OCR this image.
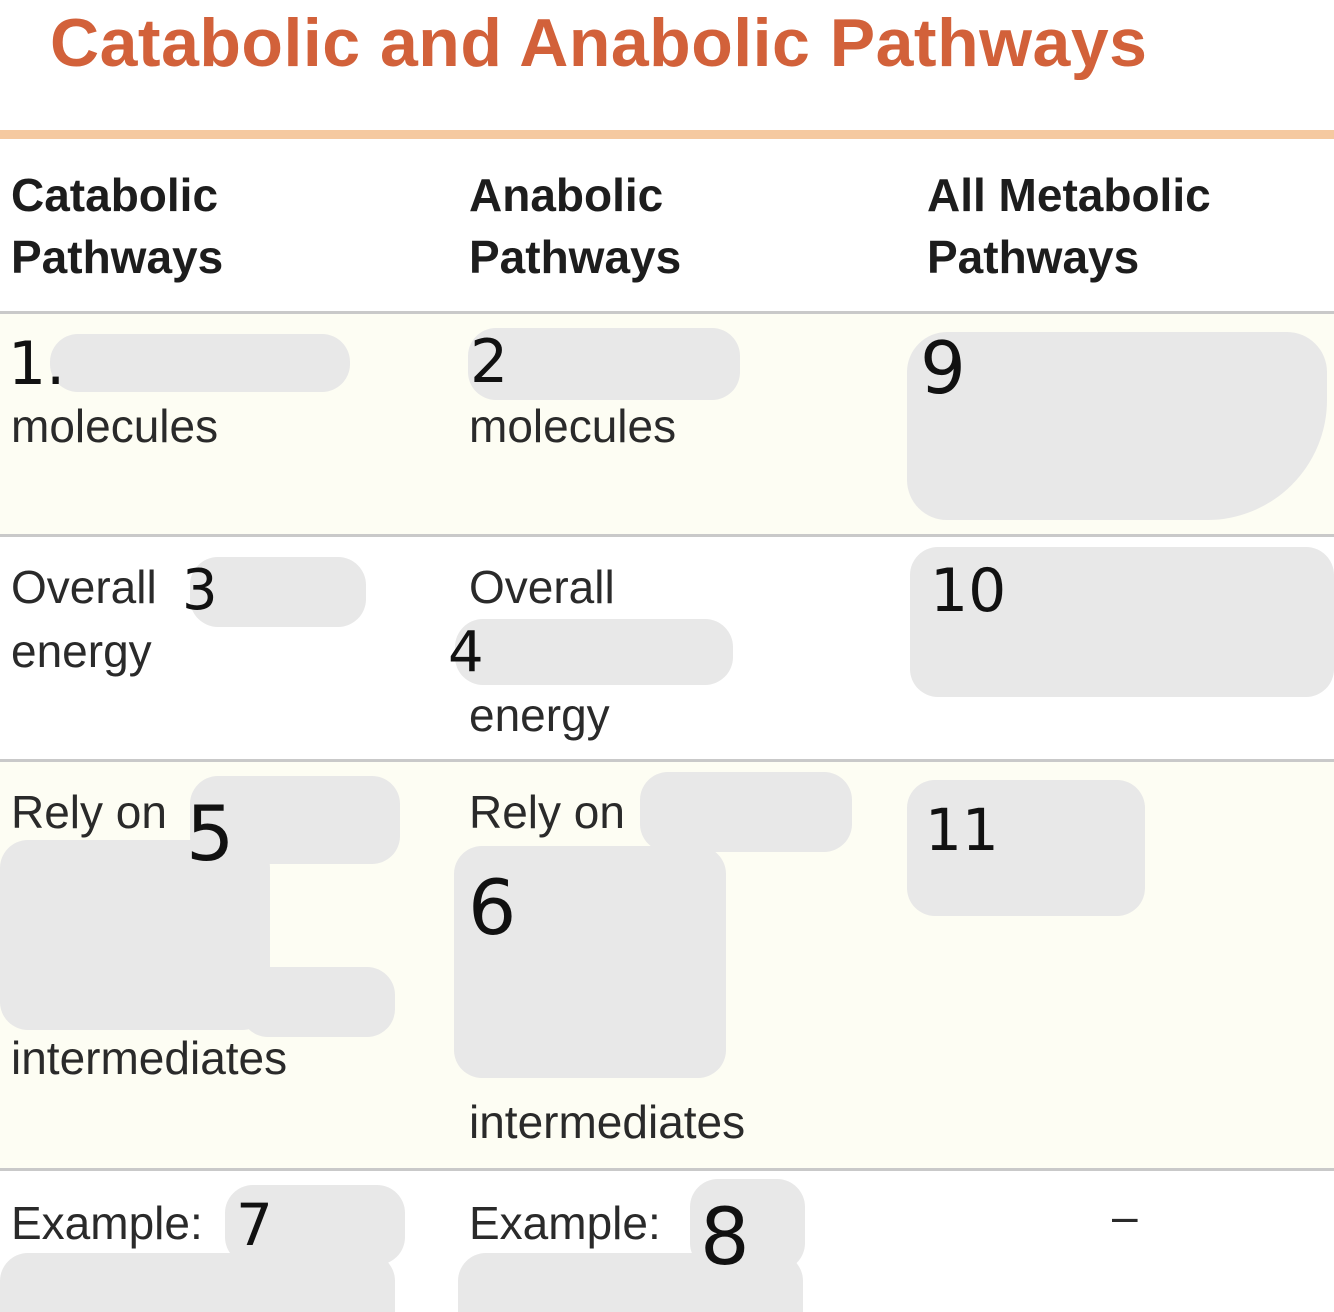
Catabolic and Anabolic Pathways
Catabolic
Pathways
Anabolic
Pathways
All Metabolic
Pathways
1.
molecules
2
molecules
9
Overall 3
energy
Overall
4
energy
10
Rely on 5
intermediates
Rely on
6
intermediates
11
Example: 7	Example: 8	–
